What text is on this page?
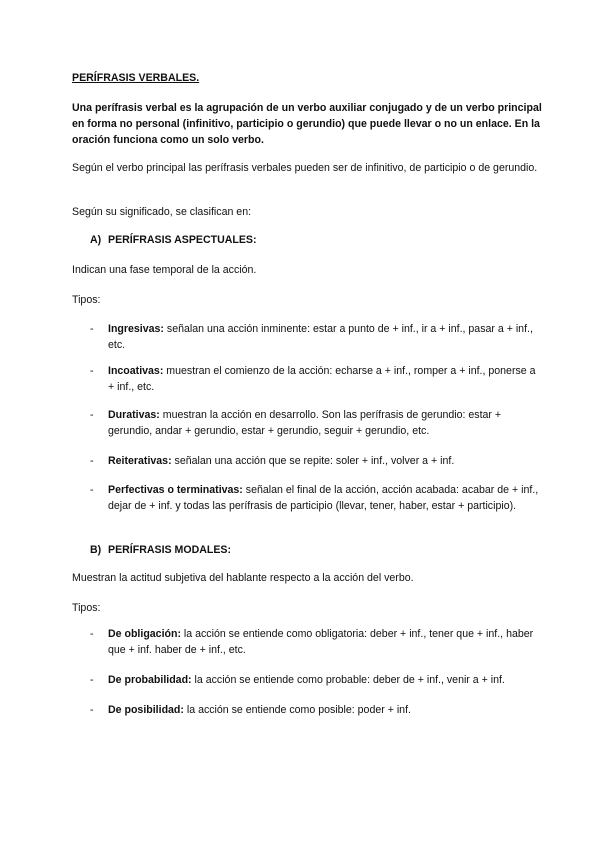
PERÍFRASIS VERBALES.

Una perífrasis verbal es la agrupación de un verbo auxiliar conjugado y de un verbo principal en forma no personal (infinitivo, participio o gerundio) que puede llevar o no un enlace. En la oración funciona como un solo verbo.

Según el verbo principal las perífrasis verbales pueden ser de infinitivo, de participio o de gerundio.

Según su significado, se clasifican en:

A) PERÍFRASIS ASPECTUALES:

Indican una fase temporal de la acción.

Tipos:

- Ingresivas: señalan una acción inminente: estar a punto de + inf., ir a + inf., pasar a + inf., etc.
- Incoativas: muestran el comienzo de la acción: echarse a + inf., romper a + inf., ponerse a + inf., etc.
- Durativas: muestran la acción en desarrollo. Son las perífrasis de gerundio: estar + gerundio, andar + gerundio, estar + gerundio, seguir + gerundio, etc.
- Reiterativas: señalan una acción que se repite: soler + inf., volver a + inf.
- Perfectivas o terminativas: señalan el final de la acción, acción acabada: acabar de + inf., dejar de + inf. y todas las perífrasis de participio (llevar, tener, haber, estar + participio).
B) PERÍFRASIS MODALES:

Muestran la actitud subjetiva del hablante respecto a la acción del verbo.

Tipos:

- De obligación: la acción se entiende como obligatoria: deber + inf., tener que + inf., haber que + inf. haber de + inf., etc.
- De probabilidad: la acción se entiende como probable: deber de + inf., venir a + inf.
- De posibilidad: la acción se entiende como posible: poder + inf.
